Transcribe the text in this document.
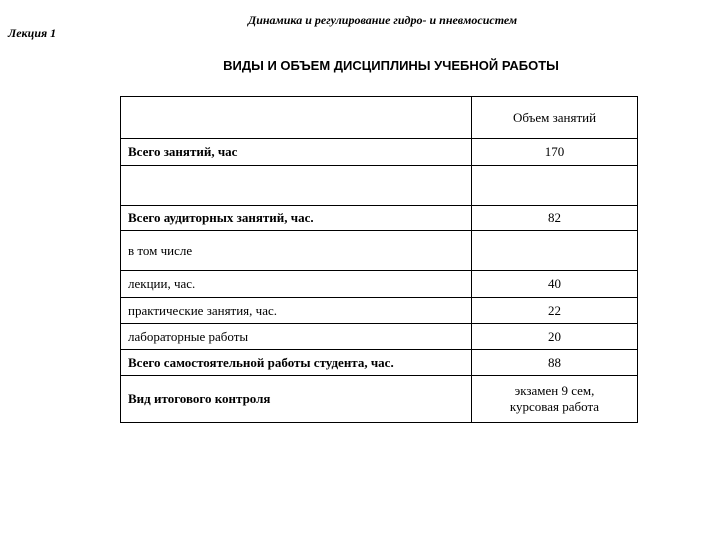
Динамика и регулирование гидро- и пневмосистем
Лекция 1
ВИДЫ И ОБЪЕМ ДИСЦИПЛИНЫ УЧЕБНОЙ РАБОТЫ
	Объем занятий
Всего занятий, час	170

Всего аудиторных занятий, час.	82
в том числе	
лекции, час.	40
практические занятия, час.	22
лабораторные работы	20
Всего самостоятельной работы студента, час.	88
Вид итогового контроля	экзамен 9 сем,
курсовая работа
